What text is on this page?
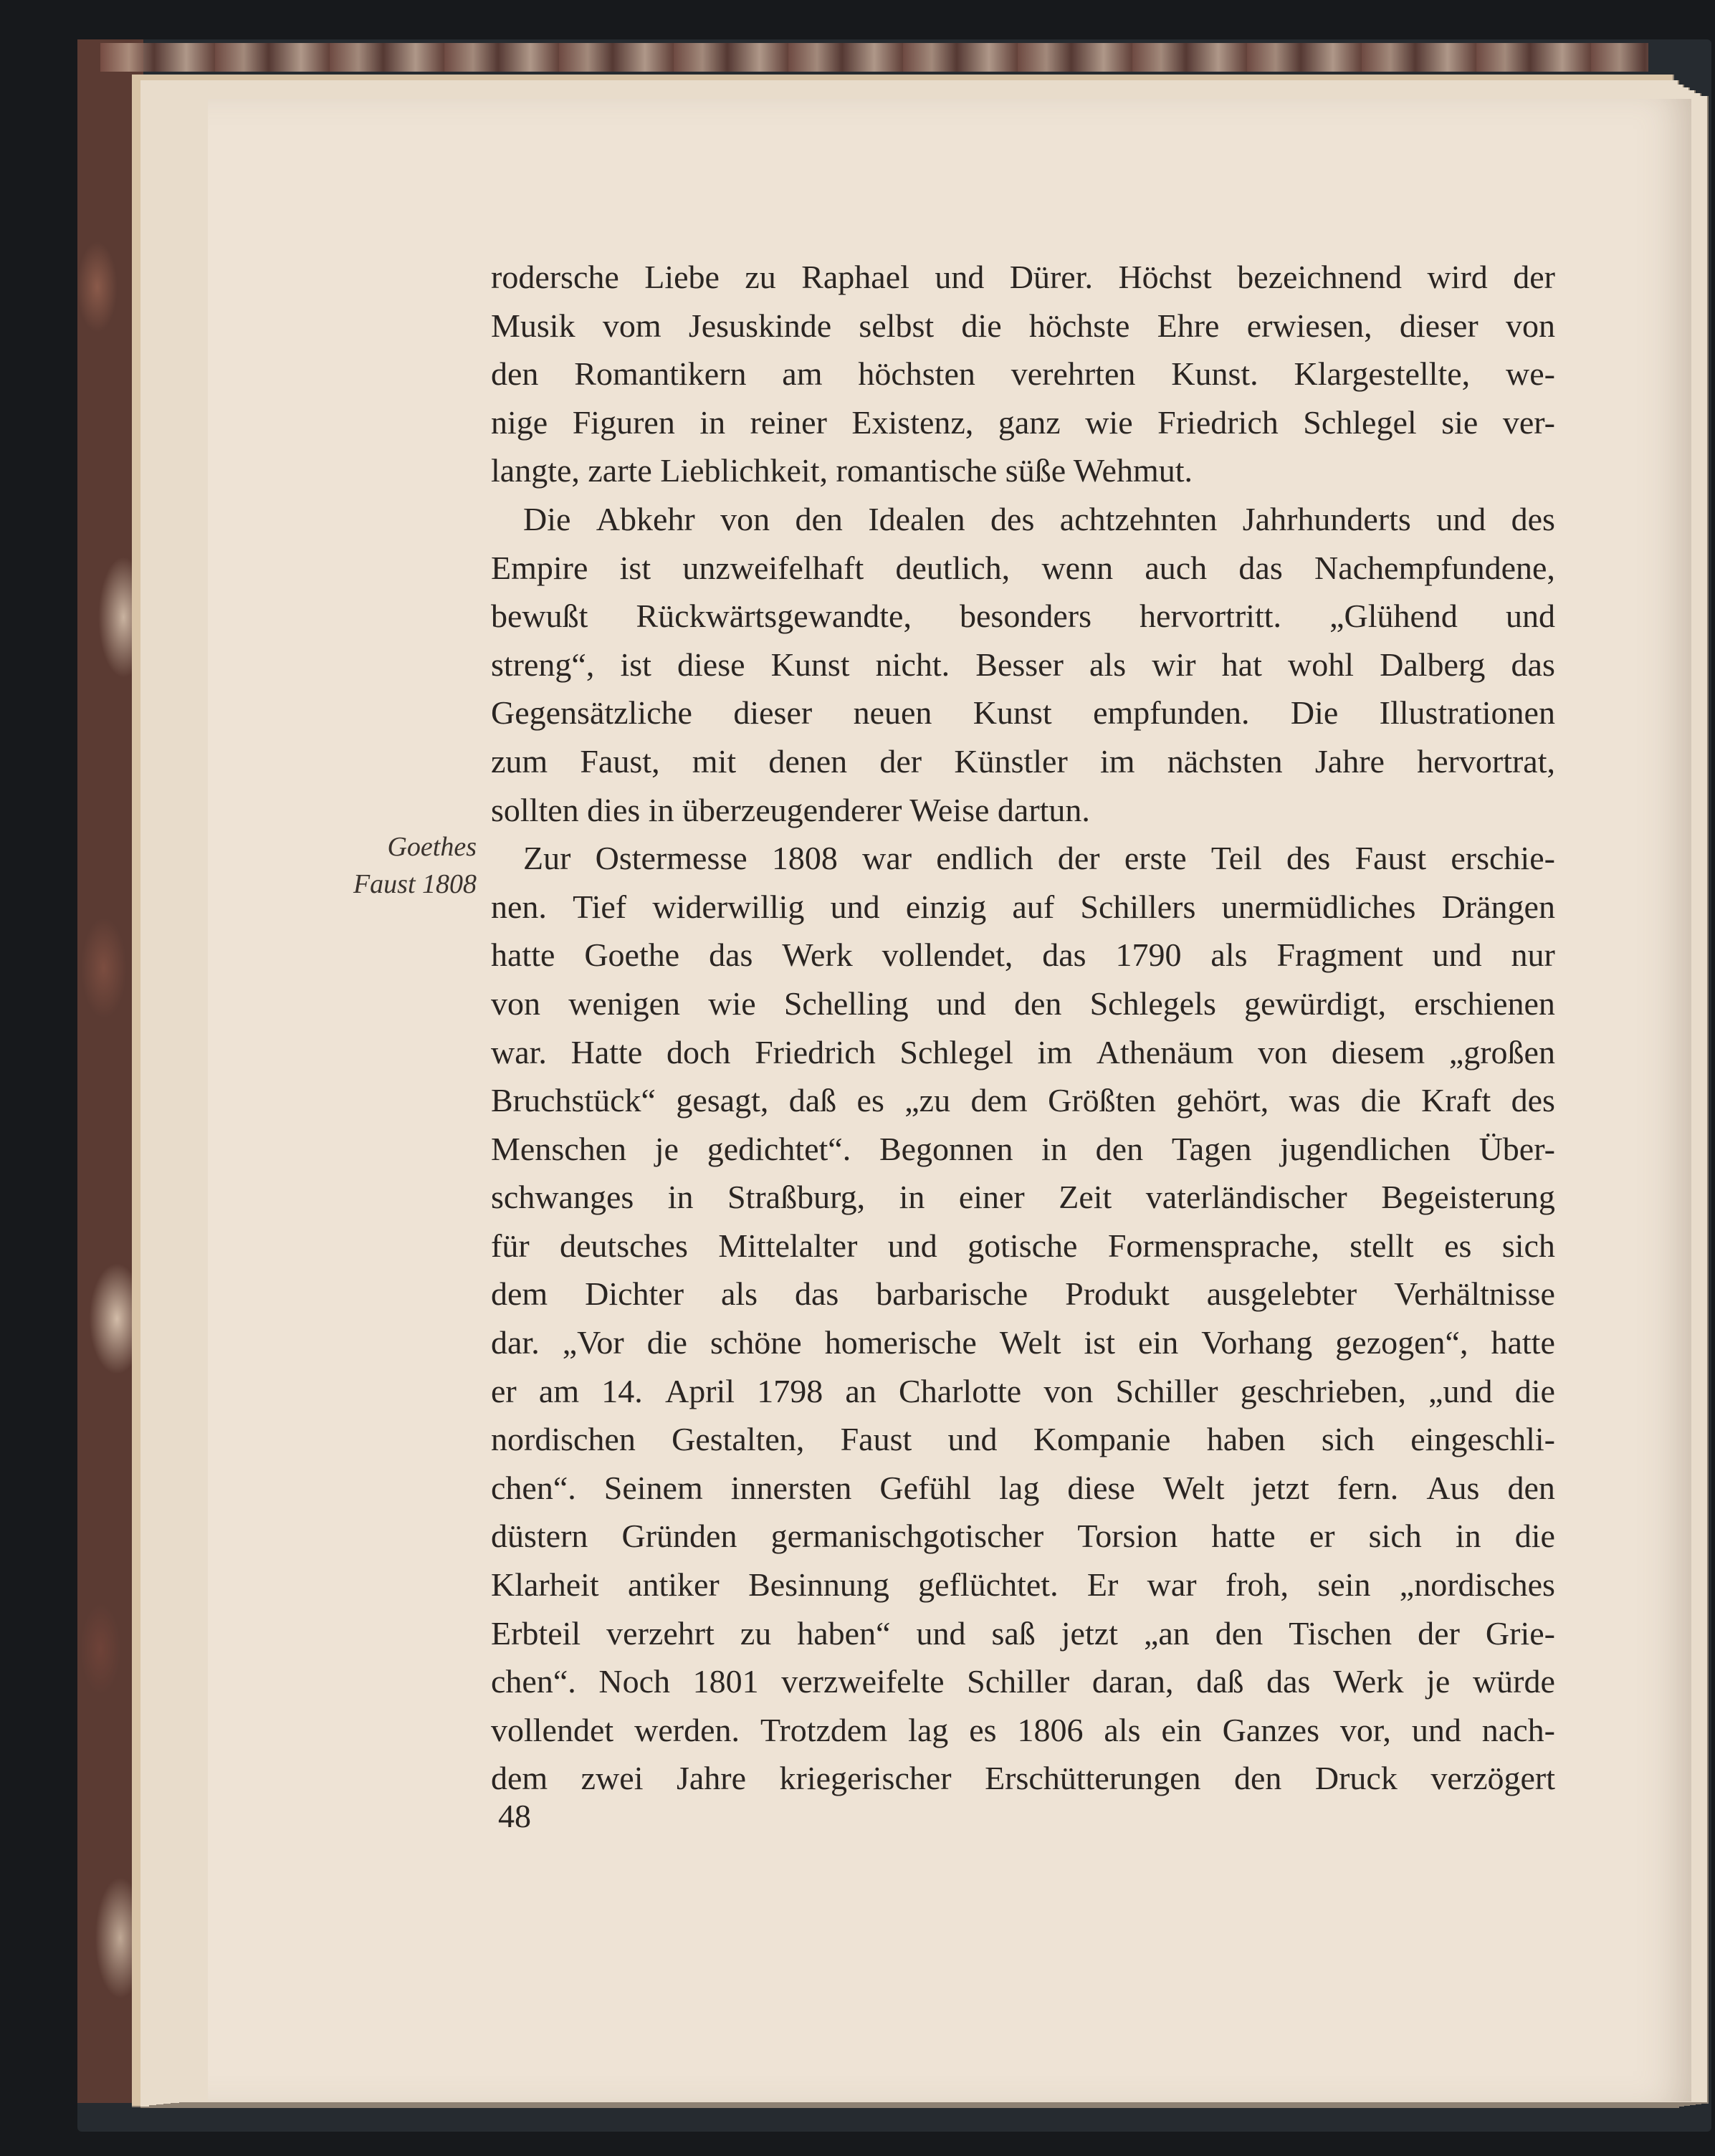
Goethes
Faust 1808
rodersche Liebe zu Raphael und Dürer. Höchst bezeichnend wird der
Musik vom Jesuskinde selbst die höchste Ehre erwiesen, dieser von
den Romantikern am höchsten verehrten Kunst. Klargestellte, we-
nige Figuren in reiner Existenz, ganz wie Friedrich Schlegel sie ver-
langte, zarte Lieblichkeit, romantische süße Wehmut.
Die Abkehr von den Idealen des achtzehnten Jahrhunderts und des
Empire ist unzweifelhaft deutlich, wenn auch das Nachempfundene,
bewußt Rückwärtsgewandte, besonders hervortritt. „Glühend und
streng“, ist diese Kunst nicht. Besser als wir hat wohl Dalberg das
Gegensätzliche dieser neuen Kunst empfunden. Die Illustrationen
zum Faust, mit denen der Künstler im nächsten Jahre hervortrat,
sollten dies in überzeugenderer Weise dartun.
Zur Ostermesse 1808 war endlich der erste Teil des Faust erschie-
nen. Tief widerwillig und einzig auf Schillers unermüdliches Drängen
hatte Goethe das Werk vollendet, das 1790 als Fragment und nur
von wenigen wie Schelling und den Schlegels gewürdigt, erschienen
war. Hatte doch Friedrich Schlegel im Athenäum von diesem „großen
Bruchstück“ gesagt, daß es „zu dem Größten gehört, was die Kraft des
Menschen je gedichtet“. Begonnen in den Tagen jugendlichen Über-
schwanges in Straßburg, in einer Zeit vaterländischer Begeisterung
für deutsches Mittelalter und gotische Formensprache, stellt es sich
dem Dichter als das barbarische Produkt ausgelebter Verhältnisse
dar. „Vor die schöne homerische Welt ist ein Vorhang gezogen“, hatte
er am 14. April 1798 an Charlotte von Schiller geschrieben, „und die
nordischen Gestalten, Faust und Kompanie haben sich eingeschli-
chen“. Seinem innersten Gefühl lag diese Welt jetzt fern. Aus den
düstern Gründen germanischgotischer Torsion hatte er sich in die
Klarheit antiker Besinnung geflüchtet. Er war froh, sein „nordisches
Erbteil verzehrt zu haben“ und saß jetzt „an den Tischen der Grie-
chen“. Noch 1801 verzweifelte Schiller daran, daß das Werk je würde
vollendet werden. Trotzdem lag es 1806 als ein Ganzes vor, und nach-
dem zwei Jahre kriegerischer Erschütterungen den Druck verzögert
48
